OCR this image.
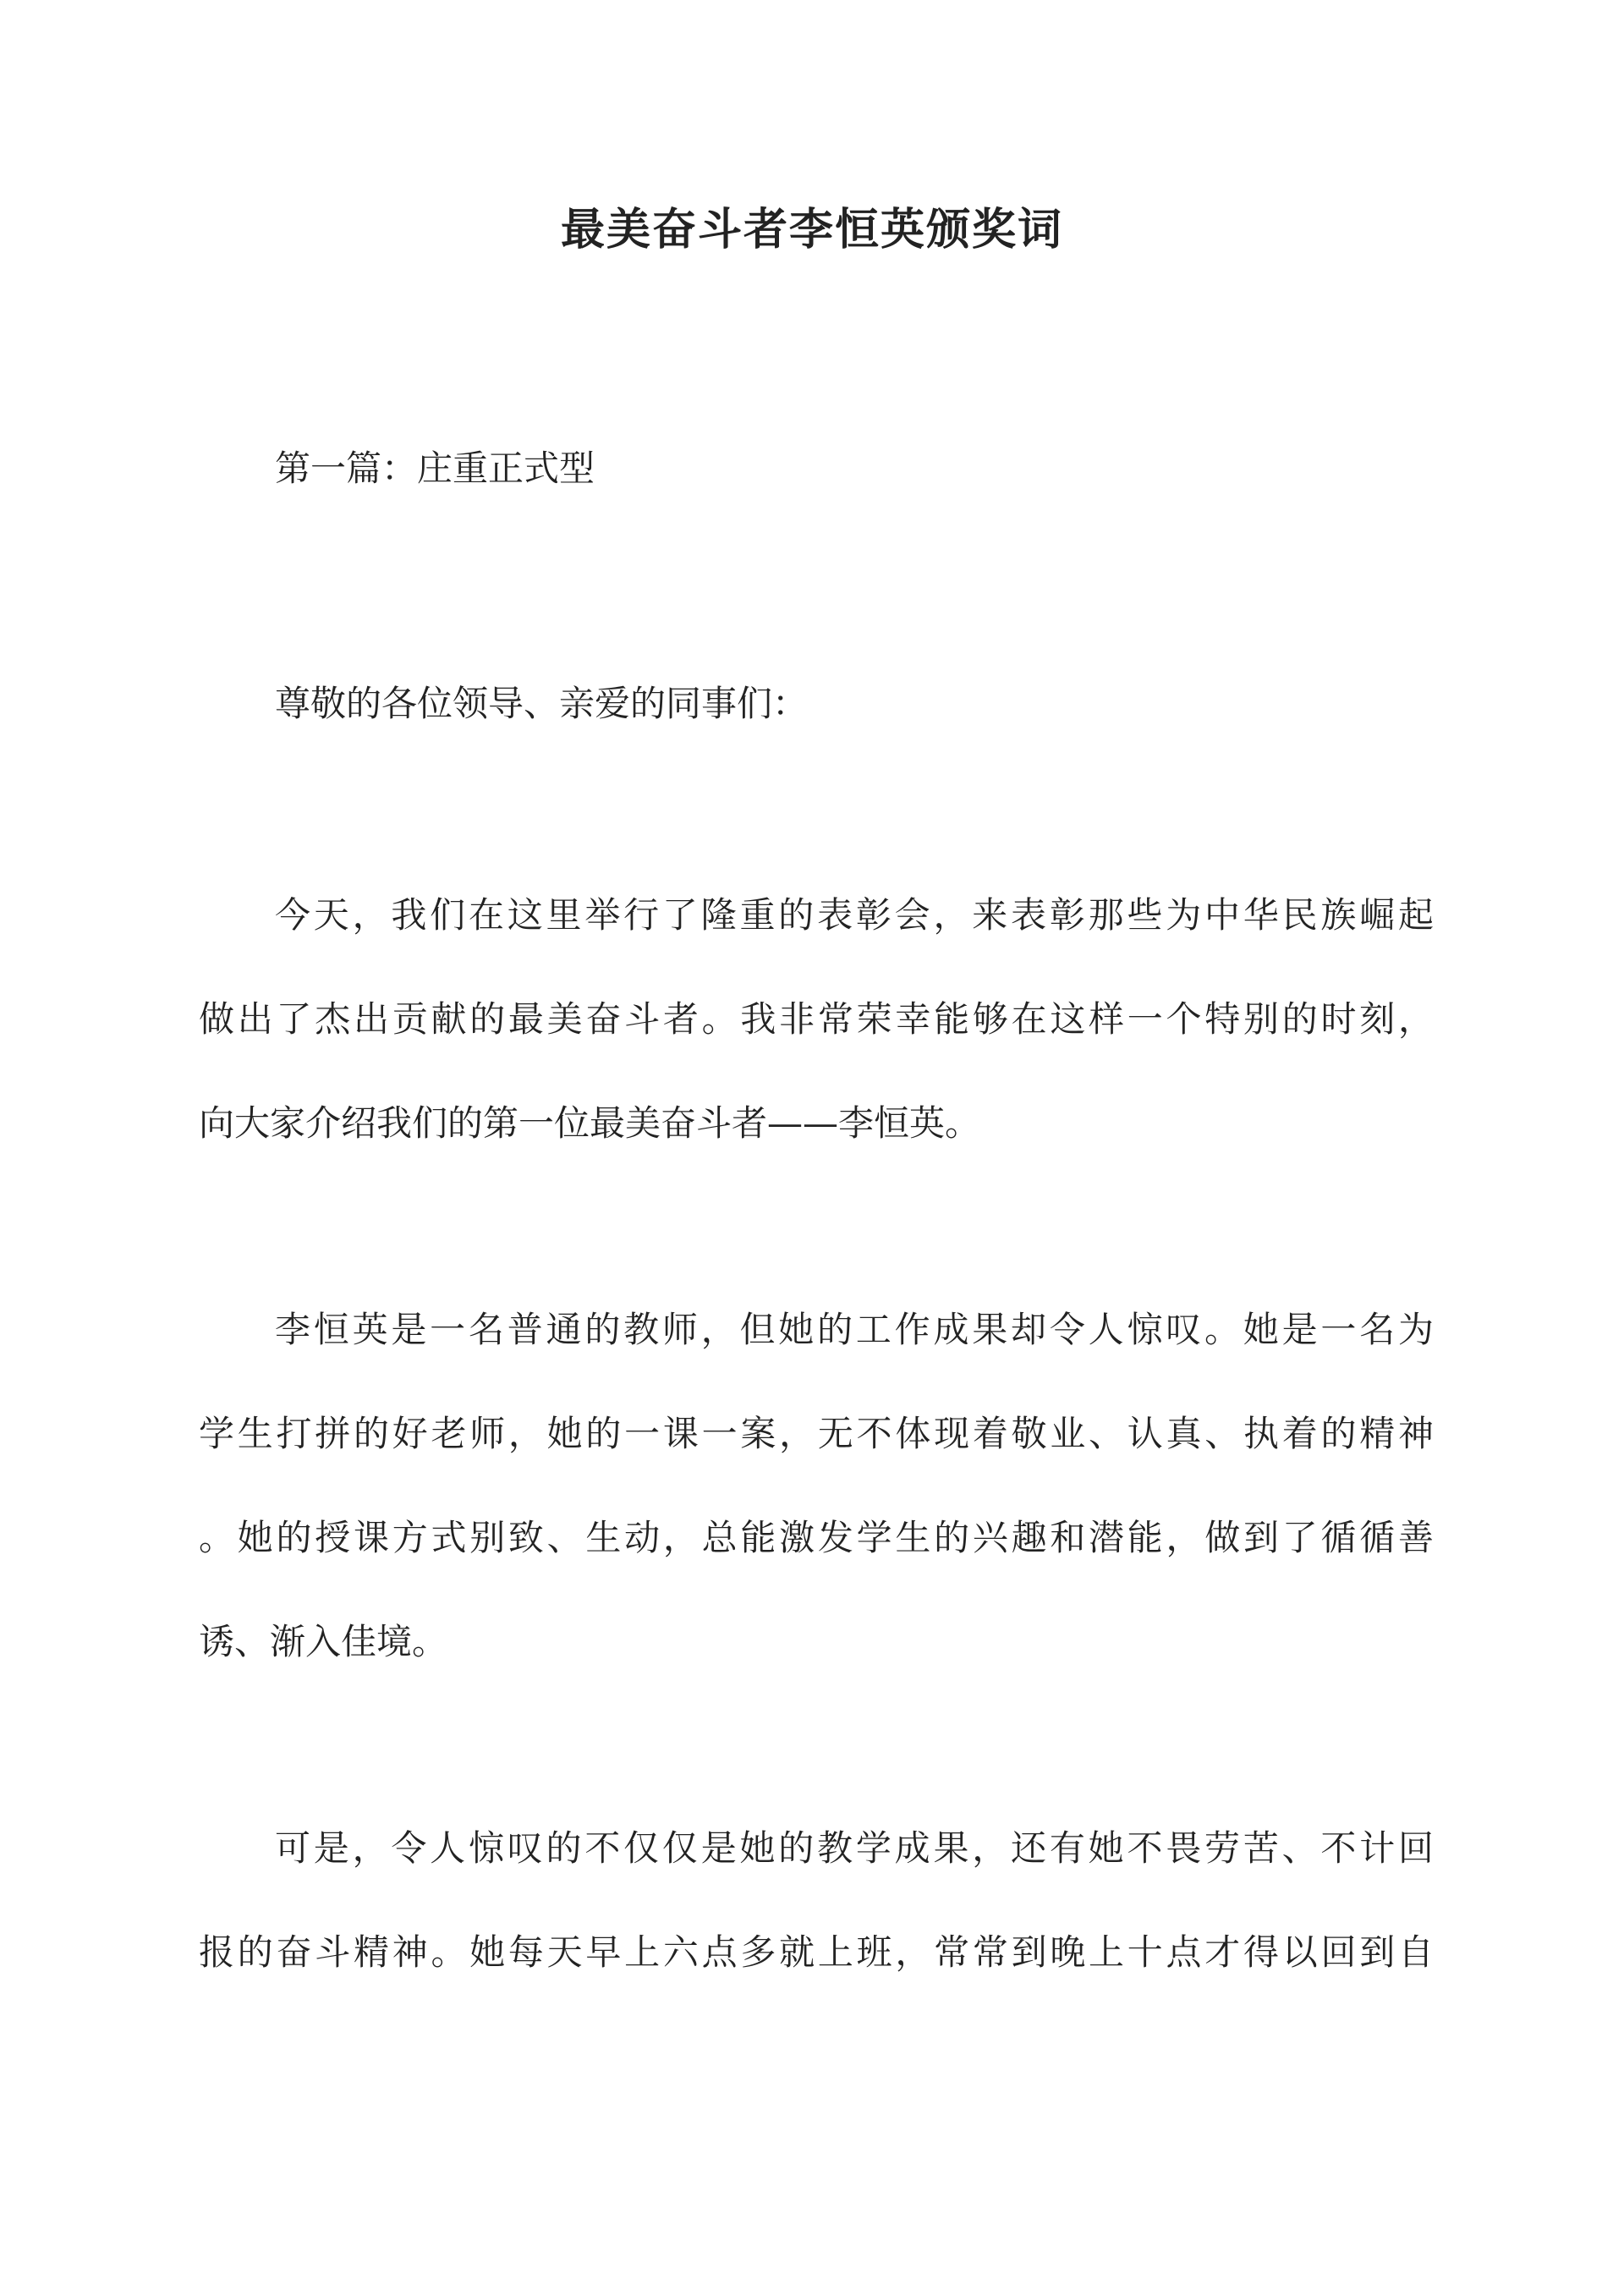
最美奋斗者李恒英颁奖词

第一篇：庄重正式型

尊敬的各位领导、亲爱的同事们：

今天，我们在这里举行了隆重的表彰会，来表彰那些为中华民族崛起
做出了杰出贡献的最美奋斗者。我非常荣幸能够在这样一个特别的时刻，
向大家介绍我们的第一位最美奋斗者——李恒英。

李恒英是一名普通的教师，但她的工作成果却令人惊叹。她是一名为
学生打拼的好老师，她的一课一案，无不体现着敬业、认真、执着的精神
。她的授课方式别致、生动，总能激发学生的兴趣和潜能，做到了循循善
诱、渐入佳境。

可是，令人惊叹的不仅仅是她的教学成果，还有她不畏劳苦、不计回
报的奋斗精神。她每天早上六点多就上班，常常到晚上十点才得以回到自
